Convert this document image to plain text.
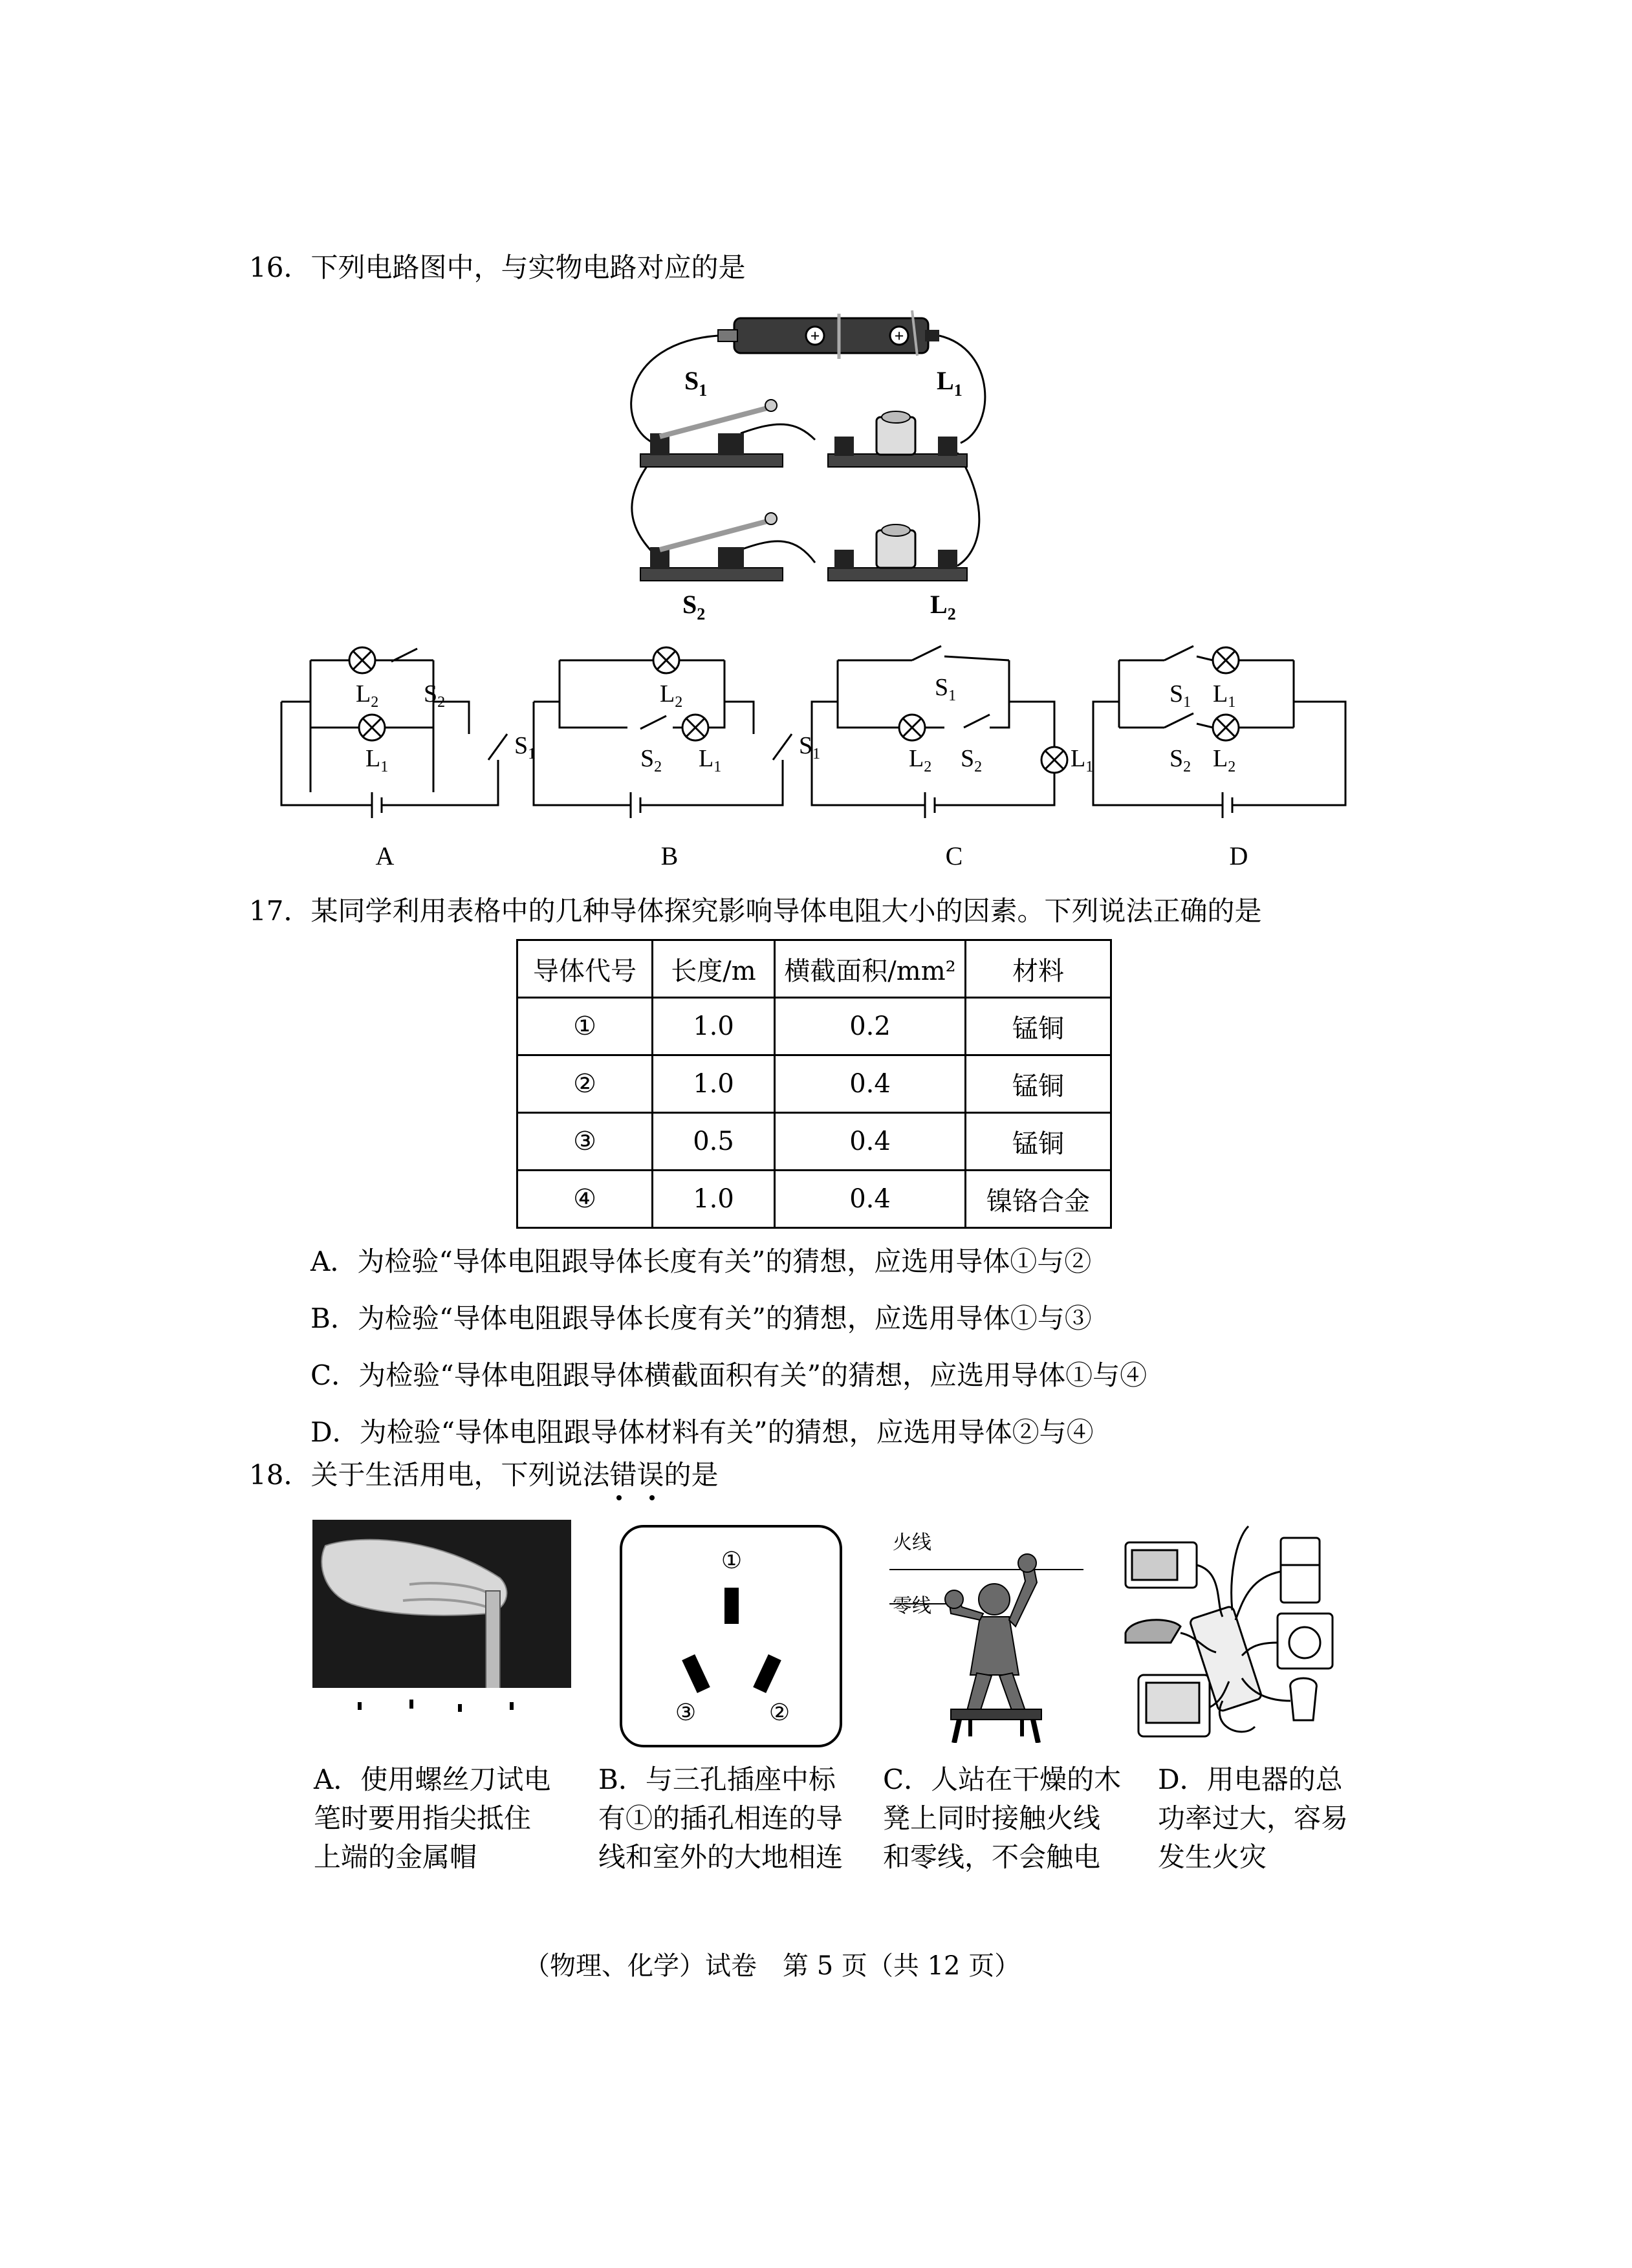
16．下列电路图中，与实物电路对应的是
+	+
$S_1$	$L_1$
$S_2$	$L_2$
$L_2$ $S_2$
$L_1$
$S_1$
$L_2$
$S_2$ $L_1$
$S_1$
$S_1$
$L_2$ $S_2$	$L_1$
$S_1$ $L_1$
$S_2$ $L_2$
A	B	C	D
17．某同学利用表格中的几种导体探究影响导体电阻大小的因素。下列说法正确的是
导体代号	长度/m	横截面积/mm²	材料
①	1.0	0.2	锰铜
②	1.0	0.4	锰铜
③	0.5	0.4	锰铜
④	1.0	0.4	镍铬合金
A．为检验“导体电阻跟导体长度有关”的猜想，应选用导体①与②
B．为检验“导体电阻跟导体长度有关”的猜想，应选用导体①与③
C．为检验“导体电阻跟导体横截面积有关”的猜想，应选用导体①与④
D．为检验“导体电阻跟导体材料有关”的猜想，应选用导体②与④
18．关于生活用电，下列说法错误的是
①
②
③
火线
零线
A．使用螺丝刀试电
笔时要用指尖抵住
上端的金属帽
B．与三孔插座中标
有①的插孔相连的导
线和室外的大地相连
C．人站在干燥的木
凳上同时接触火线
和零线，不会触电
D．用电器的总
功率过大，容易
发生火灾
（物理、化学）试卷　第 5 页（共 12 页）
